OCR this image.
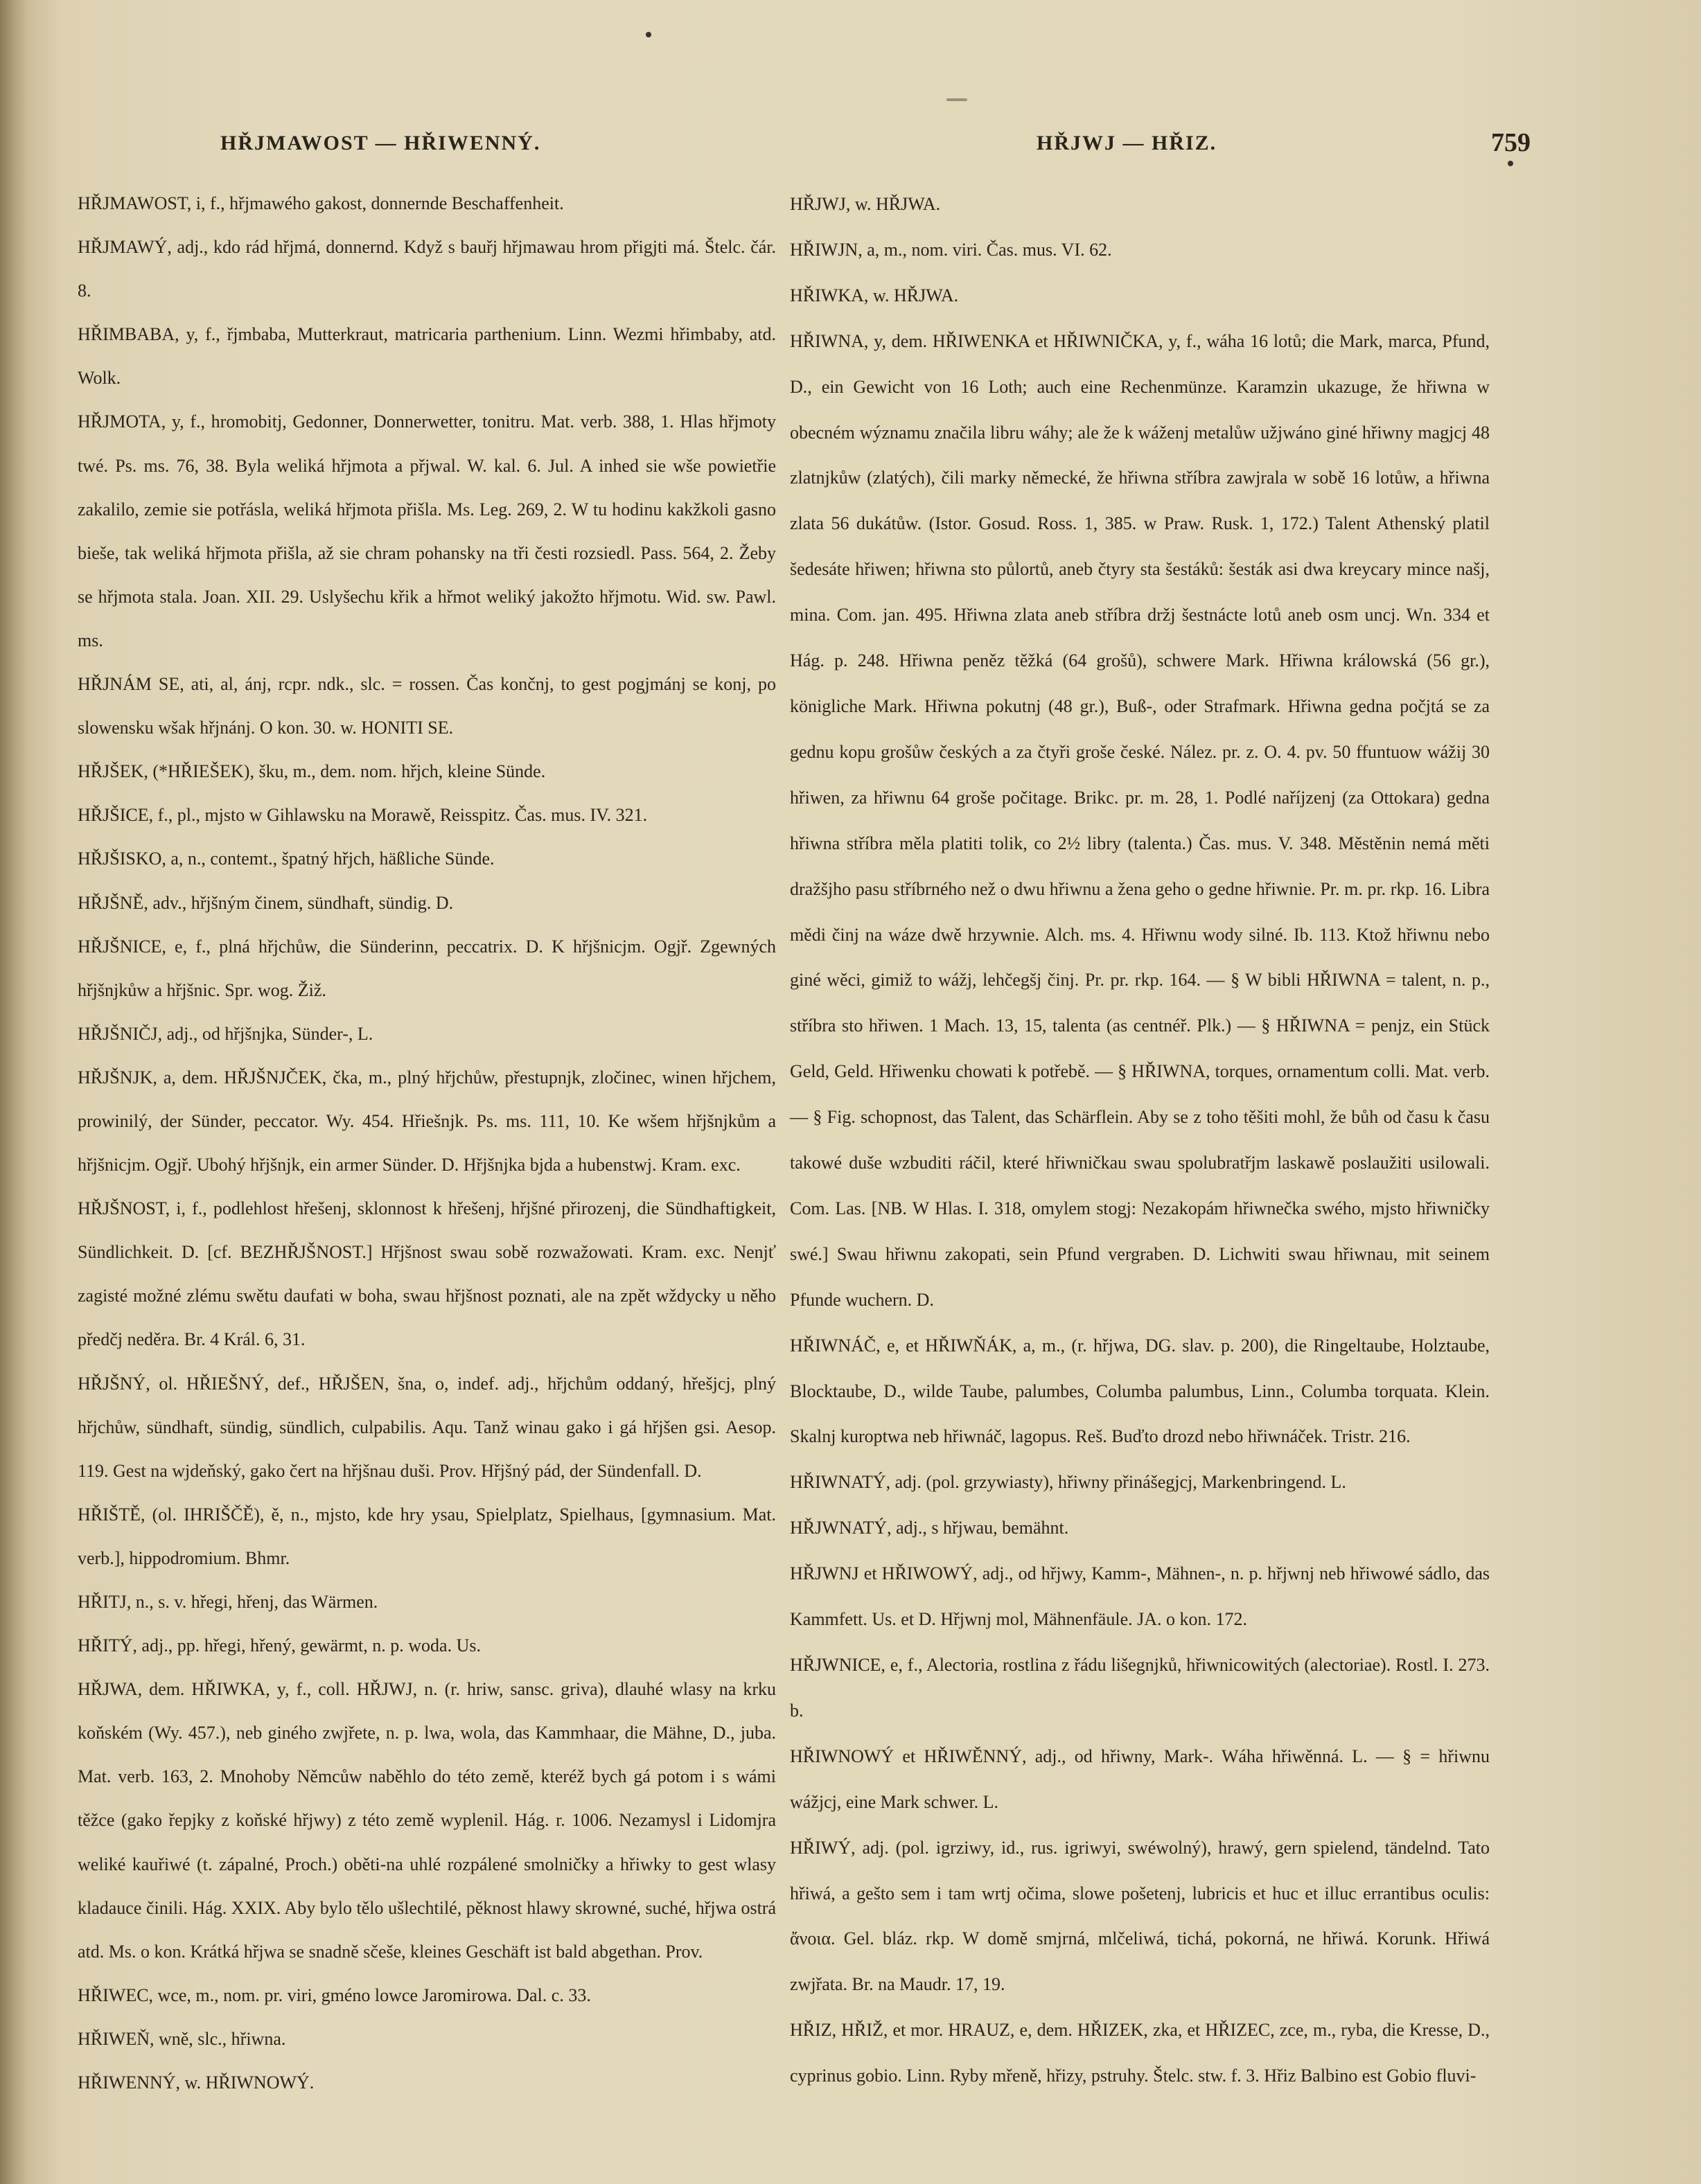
HŘJMAWOST — HŘIWENNÝ.	HŘJWJ — HŘIZ.	759

HŘJMAWOST, i, f., hřjmawého gakost, donnernde Beschaffenheit.

HŘJMAWÝ, adj., kdo rád hřjmá, donnernd. Když s bauřj hřjmawau hrom přigjti má. Štelc. čár. 8.

HŘIMBABA, y, f., řjmbaba, Mutterkraut, matricaria parthenium. Linn. Wezmi hřimbaby, atd. Wolk.

HŘJMOTA, y, f., hromobitj, Gedonner, Donnerwetter, tonitru. Mat. verb. 388, 1. Hlas hřjmoty twé. Ps. ms. 76, 38. Byla weliká hřjmota a přjwal. W. kal. 6. Jul. A inhed sie wše powietřie zakalilo, zemie sie potřásla, weliká hřjmota přišla. Ms. Leg. 269, 2. W tu hodinu kakžkoli gasno bieše, tak weliká hřjmota přišla, až sie chram pohansky na tři česti rozsiedl. Pass. 564, 2. Žeby se hřjmota stala. Joan. XII. 29. Uslyšechu křik a hřmot weliký jakožto hřjmotu. Wid. sw. Pawl. ms.

HŘJNÁM SE, ati, al, ánj, rcpr. ndk., slc. = rossen. Čas končnj, to gest pogjmánj se konj, po slowensku wšak hřjnánj. O kon. 30. w. HONITI SE.

HŘJŠEK, (*HŘIEŠEK), šku, m., dem. nom. hřjch, kleine Sünde.

HŘJŠICE, f., pl., mjsto w Gihlawsku na Morawě, Reisspitz. Čas. mus. IV. 321.

HŘJŠISKO, a, n., contemt., špatný hřjch, häßliche Sünde.

HŘJŠNĚ, adv., hřjšným činem, sündhaft, sündig. D.

HŘJŠNICE, e, f., plná hřjchůw, die Sünderinn, peccatrix. D. K hřjšnicjm. Ogjř. Zgewných hřjšnjkůw a hřjšnic. Spr. wog. Žiž.

HŘJŠNIČJ, adj., od hřjšnjka, Sünder-, L.

HŘJŠNJK, a, dem. HŘJŠNJČEK, čka, m., plný hřjchůw, přestupnjk, zločinec, winen hřjchem, prowinilý, der Sünder, peccator. Wy. 454. Hřiešnjk. Ps. ms. 111, 10. Ke wšem hřjšnjkům a hřjšnicjm. Ogjř. Ubohý hřjšnjk, ein armer Sünder. D. Hřjšnjka bjda a hubenstwj. Kram. exc.

HŘJŠNOST, i, f., podlehlost hřešenj, sklonnost k hřešenj, hřjšné přirozenj, die Sündhaftigkeit, Sündlichkeit. D. [cf. BEZHŘJŠNOST.] Hřjšnost swau sobě rozwažowati. Kram. exc. Nenjť zagisté možné zlému swětu daufati w boha, swau hřjšnost poznati, ale na zpět wždycky u něho předčj neděra. Br. 4 Král. 6, 31.

HŘJŠNÝ, ol. HŘIEŠNÝ, def., HŘJŠEN, šna, o, indef. adj., hřjchům oddaný, hřešjcj, plný hřjchůw, sündhaft, sündig, sündlich, culpabilis. Aqu. Tanž winau gako i gá hřjšen gsi. Aesop. 119. Gest na wjdeňský, gako čert na hřjšnau duši. Prov. Hřjšný pád, der Sündenfall. D.

HŘIŠTĚ, (ol. IHRIŠČĚ), ě, n., mjsto, kde hry ysau, Spielplatz, Spielhaus, [gymnasium. Mat. verb.], hippodromium. Bhmr.

HŘITJ, n., s. v. hřegi, hřenj, das Wärmen.

HŘITÝ, adj., pp. hřegi, hřený, gewärmt, n. p. woda. Us.

HŘJWA, dem. HŘIWKA, y, f., coll. HŘJWJ, n. (r. hriw, sansc. griva), dlauhé wlasy na krku koňském (Wy. 457.), neb giného zwjřete, n. p. lwa, wola, das Kammhaar, die Mähne, D., juba. Mat. verb. 163, 2. Mnohoby Němcůw naběhlo do této země, kteréž bych gá potom i s wámi těžce (gako řepjky z koňské hřjwy) z této země wyplenil. Hág. r. 1006. Nezamysl i Lidomjra weliké kauřiwé (t. zápalné, Proch.) oběti-na uhlé rozpálené smolničky a hřiwky to gest wlasy kladauce činili. Hág. XXIX. Aby bylo tělo ušlechtilé, pěknost hlawy skrowné, suché, hřjwa ostrá atd. Ms. o kon. Krátká hřjwa se snadně sčeše, kleines Geschäft ist bald abgethan. Prov.

HŘIWEC, wce, m., nom. pr. viri, gméno lowce Jaromirowa. Dal. c. 33.

HŘIWEŇ, wně, slc., hřiwna.

HŘIWENNÝ, w. HŘIWNOWÝ.

HŘJWJ, w. HŘJWA.

HŘIWJN, a, m., nom. viri. Čas. mus. VI. 62.

HŘIWKA, w. HŘJWA.

HŘIWNA, y, dem. HŘIWENKA et HŘIWNIČKA, y, f., wáha 16 lotů; die Mark, marca, Pfund, D., ein Gewicht von 16 Loth; auch eine Rechenmünze. Karamzin ukazuge, že hřiwna w obecném wýznamu značila libru wáhy; ale že k wáženj metalůw užjwáno giné hřiwny magjcj 48 zlatnjkůw (zlatých), čili marky německé, že hřiwna stříbra zawjrala w sobě 16 lotůw, a hřiwna zlata 56 dukátůw. (Istor. Gosud. Ross. 1, 385. w Praw. Rusk. 1, 172.) Talent Athenský platil šedesáte hřiwen; hřiwna sto půlortů, aneb čtyry sta šestáků: šesták asi dwa kreycary mince našj, mina. Com. jan. 495. Hřiwna zlata aneb stříbra držj šestnácte lotů aneb osm uncj. Wn. 334 et Hág. p. 248. Hřiwna peněz těžká (64 grošů), schwere Mark. Hřiwna králowská (56 gr.), königliche Mark. Hřiwna pokutnj (48 gr.), Buß-, oder Strafmark. Hřiwna gedna počjtá se za gednu kopu grošůw českých a za čtyři groše české. Nález. pr. z. O. 4. pv. 50 ffuntuow wážij 30 hřiwen, za hřiwnu 64 groše počitage. Brikc. pr. m. 28, 1. Podlé naříjzenj (za Ottokara) gedna hřiwna stříbra měla platiti tolik, co 2½ libry (talenta.) Čas. mus. V. 348. Městěnin nemá měti dražšjho pasu stříbrného než o dwu hřiwnu a žena geho o gedne hřiwnie. Pr. m. pr. rkp. 16. Libra mědi činj na wáze dwě hrzywnie. Alch. ms. 4. Hřiwnu wody silné. Ib. 113. Ktož hřiwnu nebo giné wěci, gimiž to wážj, lehčegšj činj. Pr. pr. rkp. 164. — § W bibli HŘIWNA = talent, n. p., stříbra sto hřiwen. 1 Mach. 13, 15, talenta (as centnéř. Plk.) — § HŘIWNA = penjz, ein Stück Geld, Geld. Hřiwenku chowati k potřebě. — § HŘIWNA, torques, ornamentum colli. Mat. verb. — § Fig. schopnost, das Talent, das Schärflein. Aby se z toho těšiti mohl, že bůh od času k času takowé duše wzbuditi ráčil, které hřiwničkau swau spolubratřjm laskawě poslaužiti usilowali. Com. Las. [NB. W Hlas. I. 318, omylem stogj: Nezakopám hřiwnečka swého, mjsto hřiwničky swé.] Swau hřiwnu zakopati, sein Pfund vergraben. D. Lichwiti swau hřiwnau, mit seinem Pfunde wuchern. D.

HŘIWNÁČ, e, et HŘIWŇÁK, a, m., (r. hřjwa, DG. slav. p. 200), die Ringeltaube, Holztaube, Blocktaube, D., wilde Taube, palumbes, Columba palumbus, Linn., Columba torquata. Klein. Skalnj kuroptwa neb hřiwnáč, lagopus. Reš. Buďto drozd nebo hřiwnáček. Tristr. 216.

HŘIWNATÝ, adj. (pol. grzywiasty), hřiwny přinášegjcj, Markenbringend. L.

HŘJWNATÝ, adj., s hřjwau, bemähnt.

HŘJWNJ et HŘIWOWÝ, adj., od hřjwy, Kamm-, Mähnen-, n. p. hřjwnj neb hřiwowé sádlo, das Kammfett. Us. et D. Hřjwnj mol, Mähnenfäule. JA. o kon. 172.

HŘJWNICE, e, f., Alectoria, rostlina z řádu lišegnjků, hřiwnicowitých (alectoriae). Rostl. I. 273. b.

HŘIWNOWÝ et HŘIWĚNNÝ, adj., od hřiwny, Mark-. Wáha hřiwěnná. L. — § = hřiwnu wážjcj, eine Mark schwer. L.

HŘIWÝ, adj. (pol. igrziwy, id., rus. igriwyi, swéwolný), hrawý, gern spielend, tändelnd. Tato hřiwá, a gešto sem i tam wrtj očima, slowe pošetenj, lubricis et huc et illuc errantibus oculis: ἄνοια. Gel. bláz. rkp. W domě smjrná, mlčeliwá, tichá, pokorná, ne hřiwá. Korunk. Hřiwá zwjřata. Br. na Maudr. 17, 19.

HŘIZ, HŘIŽ, et mor. HRAUZ, e, dem. HŘIZEK, zka, et HŘIZEC, zce, m., ryba, die Kresse, D., cyprinus gobio. Linn. Ryby mřeně, hřizy, pstruhy. Štelc. stw. f. 3. Hřiz Balbino est Gobio fluvi-
